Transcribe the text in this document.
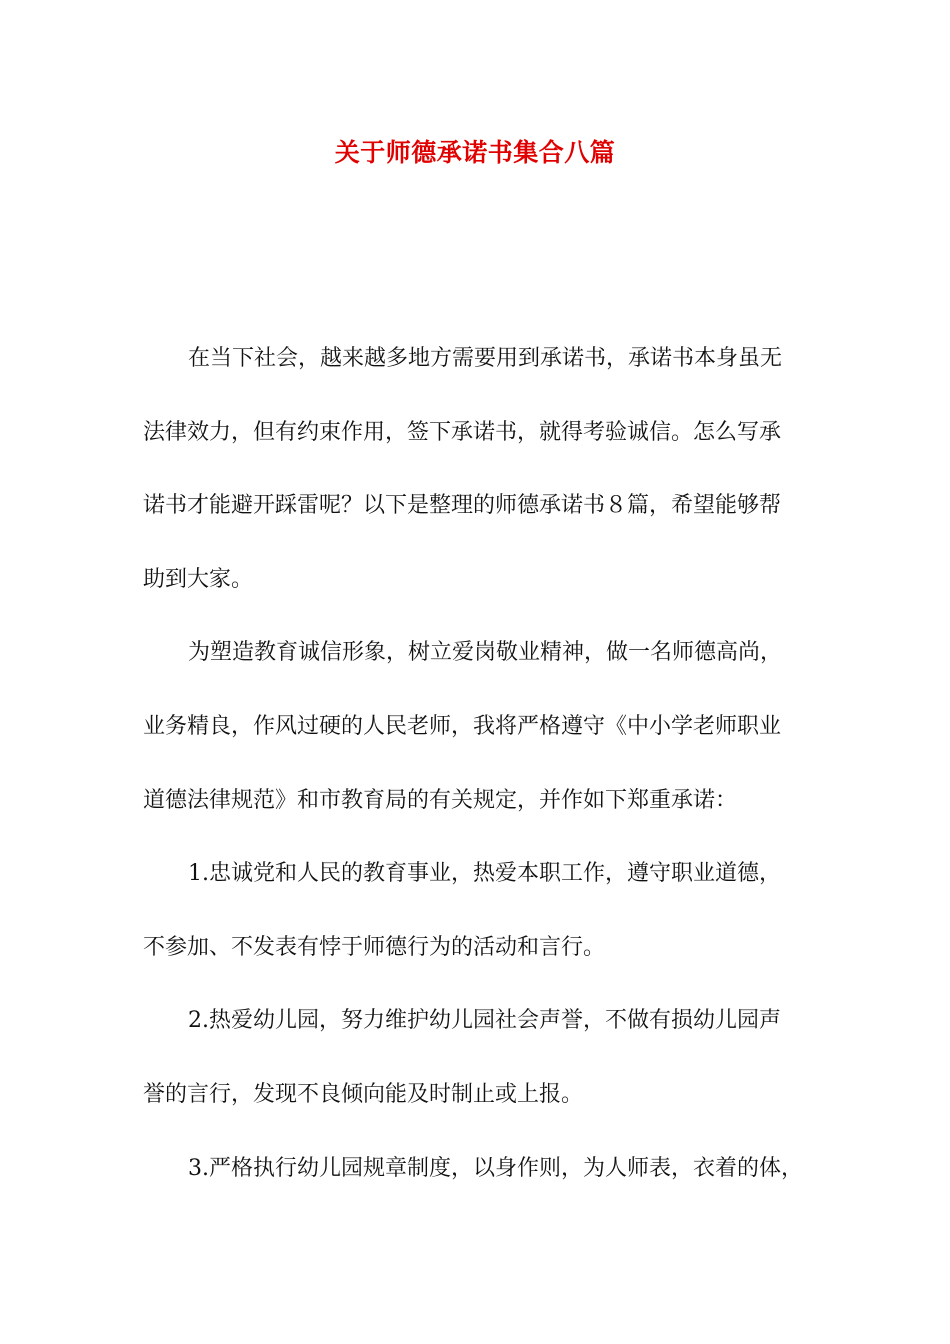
关于师德承诺书集合八篇
在当下社会，越来越多地方需要用到承诺书，承诺书本身虽无
法律效力，但有约束作用，签下承诺书，就得考验诚信。怎么写承
诺书才能避开踩雷呢？以下是整理的师德承诺书８篇，希望能够帮
助到大家。
为塑造教育诚信形象，树立爱岗敬业精神，做一名师德高尚，
业务精良，作风过硬的人民老师，我将严格遵守《中小学老师职业
道德法律规范》和市教育局的有关规定，并作如下郑重承诺：
1.忠诚党和人民的教育事业，热爱本职工作，遵守职业道德，
不参加、不发表有悖于师德行为的活动和言行。
2.热爱幼儿园，努力维护幼儿园社会声誉，不做有损幼儿园声
誉的言行，发现不良倾向能及时制止或上报。
3.严格执行幼儿园规章制度，以身作则，为人师表，衣着的体，
